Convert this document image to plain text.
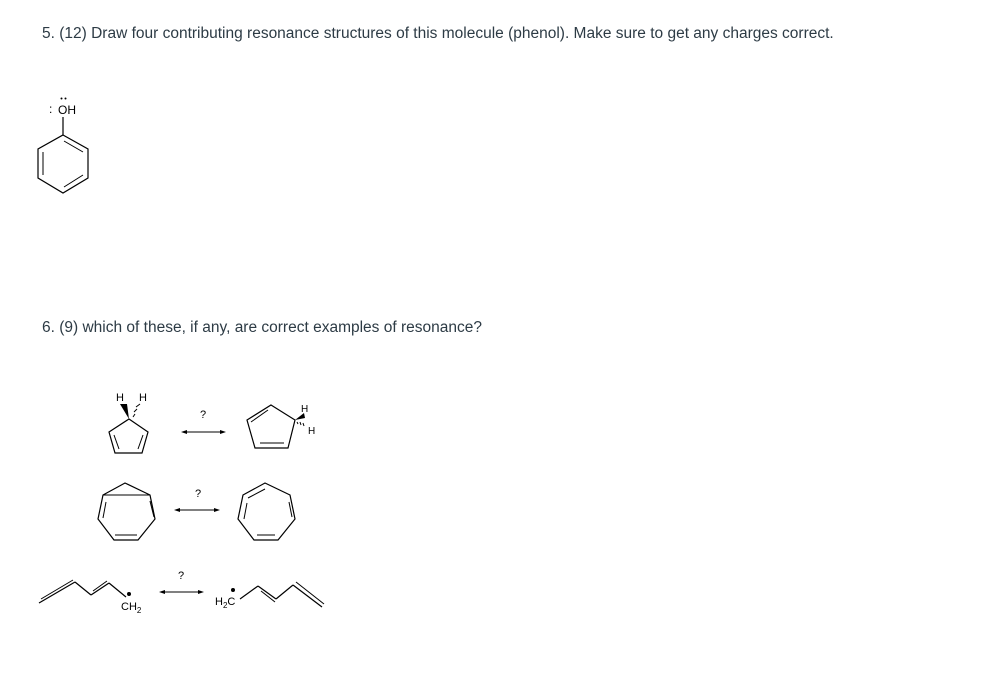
5. (12) Draw four contributing resonance structures of this molecule (phenol). Make sure to get any charges correct.
: OH
6. (9) which of these, if any, are correct examples of resonance?
H H
?	H
H
?
$CH_2$
?
$H_2C$
